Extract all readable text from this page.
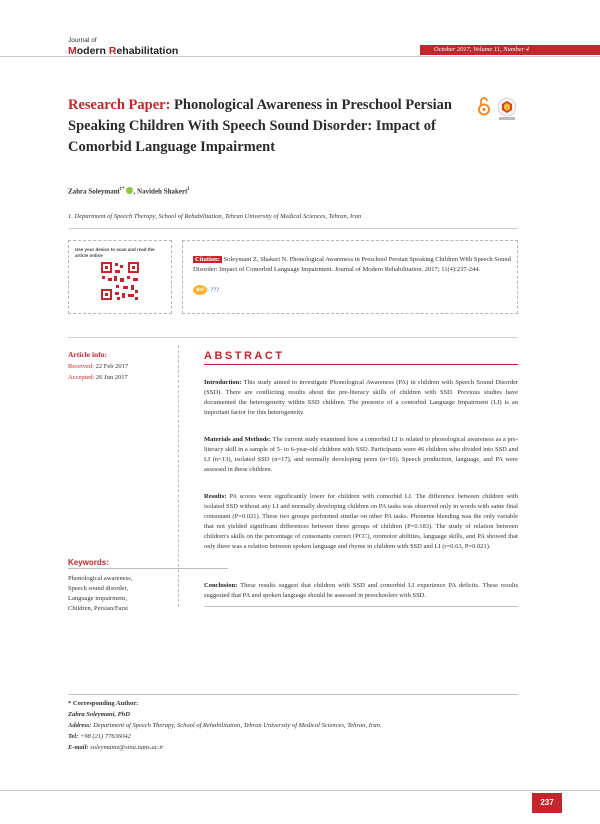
Journal of
Modern Rehabilitation	October 2017, Volume 11, Number 4
Research Paper: Phonological Awareness in Preschool Persian Speaking Children With Speech Sound Disorder: Impact of Comorbid Language Impairment
Zahra Soleymani$^{1*}$ , Navideh Shakeri$^1$
1. Department of Speech Therapy, School of Rehabilitation, Tehran University of Medical Sciences, Tehran, Iran
Use your device to scan and read the article online
Citation: Soleymani Z, Shakeri N. Phonological Awareness in Preschool Persian Speaking Children With Speech Sound Disorder: Impact of Comorbid Language Impairment. Journal of Modern Rehabilitation. 2017; 11(4):237-244.
doi : ???
Article info:
Received: 22 Feb 2017
Accepted: 26 Jun 2017
Keywords:
Phonological awareness,
Speech sound disorder,
Language impairment,
Children, Persian/Farsi
ABSTRACT
Introduction: This study aimed to investigate Phonological Awareness (PA) in children with Speech Sound Disorder (SSD). There are conflicting results about the pre-literacy skills of children with SSD. Previous studies have documented the heterogeneity within SSD children. The presence of a comorbid Language Impairment (LI) is an important factor for this heterogeneity.
Materials and Methods: The current study examined how a comorbid LI is related to phonological awareness as a pre-literacy skill in a sample of 5- to 6-year-old children with SSD. Participants were 46 children who divided into SSD and LI (n=13), isolated SSD (n=17), and normally developing peers (n=16). Speech production, language, and PA were assessed in these children.
Results: PA scores were significantly lower for children with comorbid LI. The difference between children with isolated SSD without any LI and normally developing children on PA tasks was observed only in words with same final consonant (P=0.021). These two groups performed similar on other PA tasks. Phoneme blending was the only variable that not yielded significant differences between three groups of children (P=0.183). The study of relation between children's skills on the percentage of consonants correct (PCC), oromotor abilities, language skills, and PA showed that only there was a relation between spoken language and rhyme in children with SSD and LI (r=0.63, P=0.021).
Conclusion: These results suggest that children with SSD and comorbid LI experience PA deficits. These results suggested that PA and spoken language should be assessed in preschoolers with SSD.
* Corresponding Author:
Zahra Soleymani, PhD
Address: Department of Speech Therapy, School of Rehabilitation, Tehran University of Medical Sciences, Tehran, Iran.
Tel: +98 (21) 77636042
E-mail: soleymaniz@sina.tums.ac.ir
237
